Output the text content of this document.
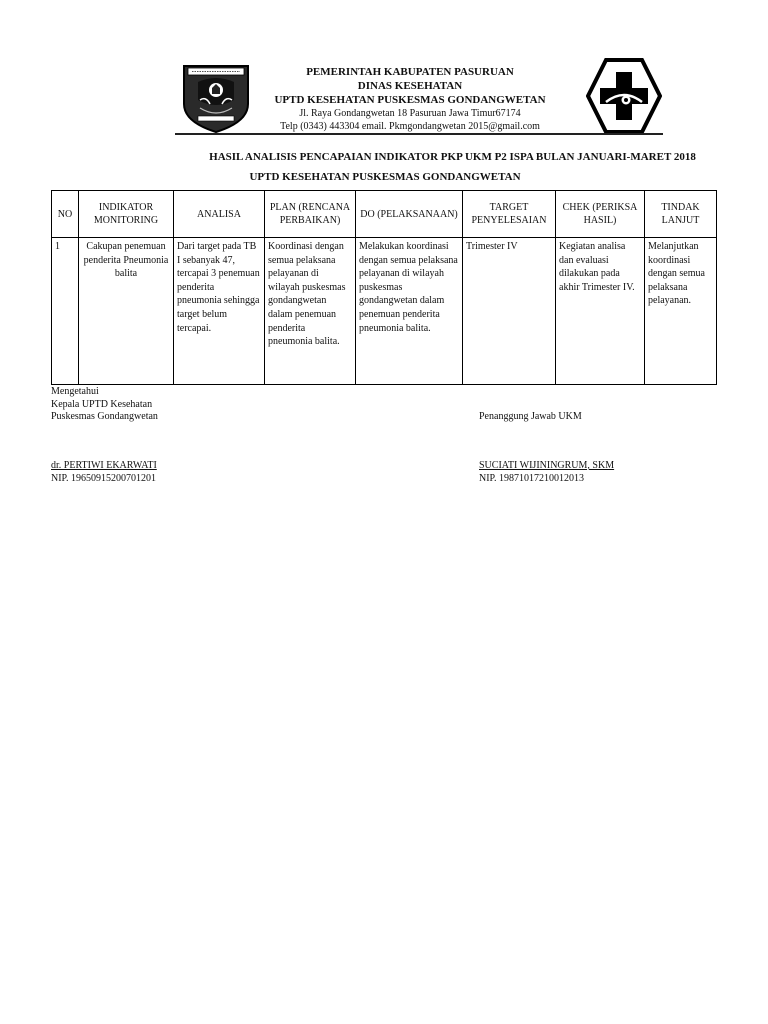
PEMERINTAH KABUPATEN PASURUAN
DINAS KESEHATAN
UPTD KESEHATAN PUSKESMAS GONDANGWETAN
Jl. Raya Gondangwetan 18 Pasuruan Jawa Timur67174
Telp (0343) 443304 email. Pkmgondangwetan 2015@gmail.com
HASIL ANALISIS PENCAPAIAN INDIKATOR PKP UKM P2 ISPA BULAN JANUARI-MARET 2018
UPTD KESEHATAN PUSKESMAS GONDANGWETAN
NO	INDIKATOR MONITORING	ANALISA	PLAN (RENCANA PERBAIKAN)	DO (PELAKSANAAN)	TARGET PENYELESAIAN	CHEK (PERIKSA HASIL)	TINDAK LANJUT
1	Cakupan penemuan penderita Pneumonia balita	Dari target pada TB I sebanyak 47, tercapai 3 penemuan penderita pneumonia sehingga target belum tercapai.	Koordinasi dengan semua pelaksana pelayanan di wilayah puskesmas gondangwetan dalam penemuan penderita pneumonia balita.	Melakukan koordinasi dengan semua pelaksana pelayanan di wilayah puskesmas gondangwetan dalam penemuan penderita pneumonia balita.	Trimester IV	Kegiatan analisa dan evaluasi dilakukan pada akhir Trimester IV.	Melanjutkan koordinasi dengan semua pelaksana pelayanan.
Mengetahui
Kepala UPTD Kesehatan
Puskesmas Gondangwetan	Penanggung Jawab UKM
dr. PERTIWI EKARWATI
NIP. 19650915200701201
SUCIATI WIJININGRUM, SKM
NIP. 19871017210012013
